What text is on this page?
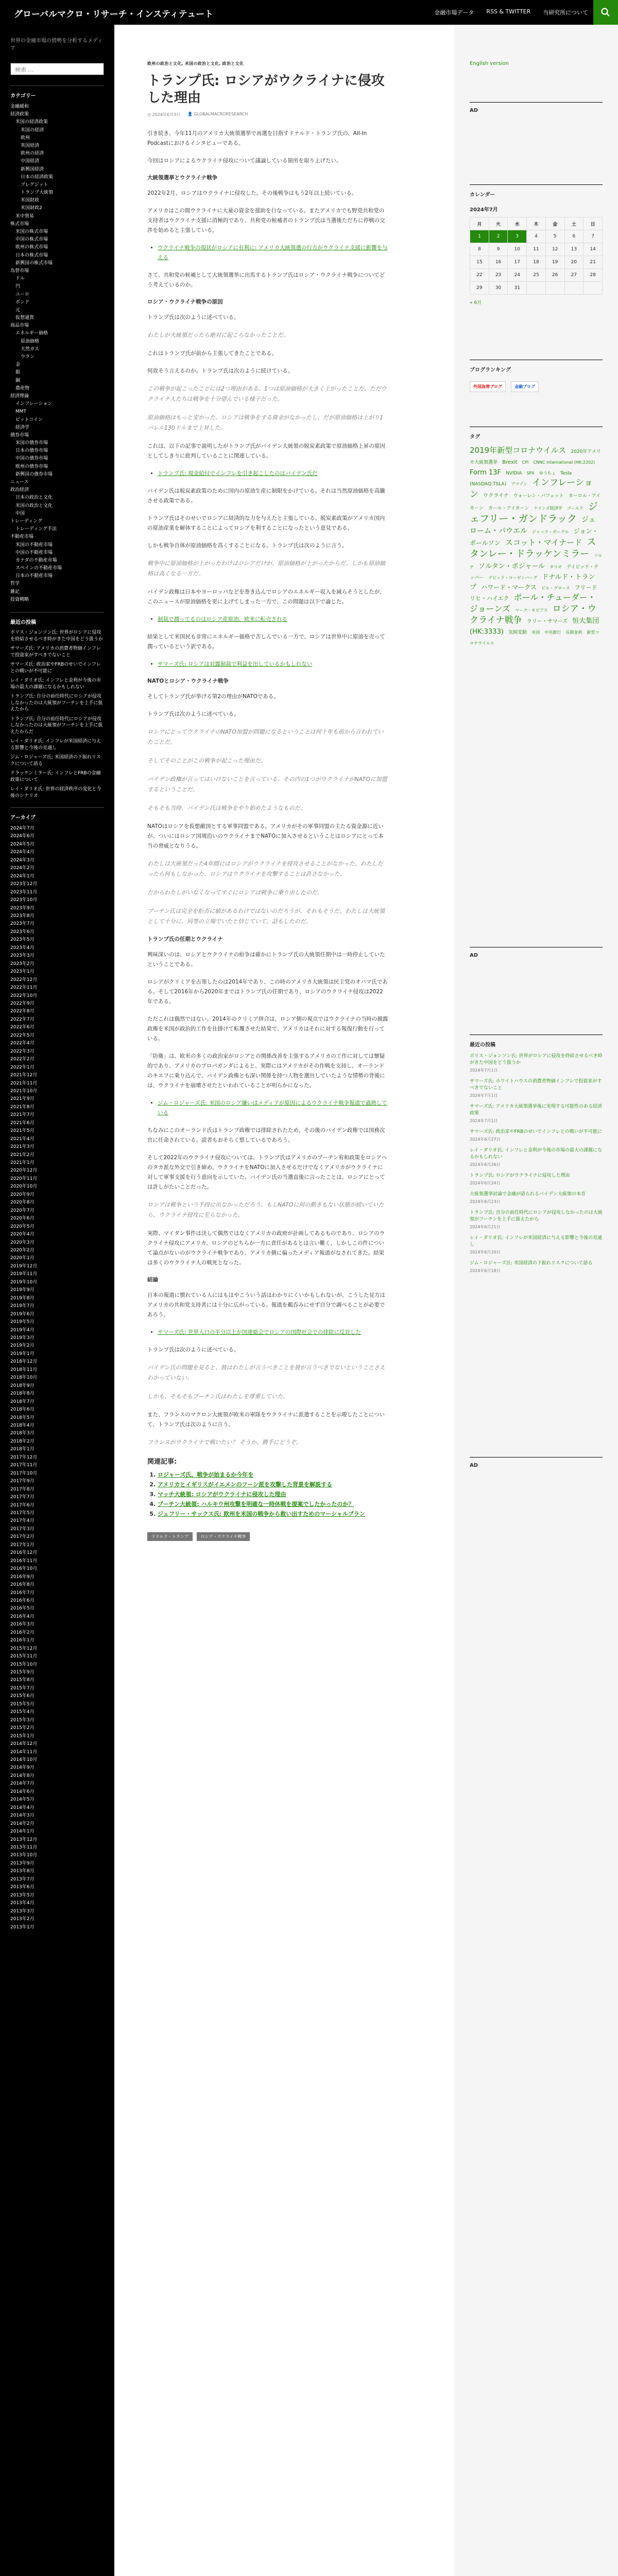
グローバルマクロ・リサーチ・インスティテュート	金融市場データ RSS & TWITTER 当研究所について
世界の金融市場の情勢を分析するメディア
検索 …
カテゴリー
金融緩和
経済政策
米国の経済政策
米国の経済
欧州
英国経済
欧州の経済
中国経済
新興国経済
日本の経済政策
ブレグジット
トランプ大統領
米国財政
米国財政2
米中貿易
株式市場
米国の株式市場
中国の株式市場
欧州の株式市場
日本の株式市場
新興国の株式市場
為替市場
ドル
円
ユーロ
ポンド
元
仮想通貨
商品市場
エネルギー価格
原油価格
天然ガス
ウラン
金
銀
銅
農産物
経済理論
インフレーション
MMT
ビットコイン
経済学
債券市場
米国の債券市場
日本の債券市場
中国の債券市場
欧州の債券市場
新興国の債券市場
ニュース
政治経済
日本の政治と文化
米国の政治と文化
中国
トレーディング
トレーディング手法
不動産市場
米国の不動産市場
中国の不動産市場
カナダの不動産市場
スペインの不動産市場
日本の不動産市場
哲学
雑記
投資戦略
最近の投稿
ボリス・ジョンソン氏: 世界がロシアに侵攻を終結させるべき時がきた中国をどう扱うか
サマーズ氏: アメリカの消費者物価インフレで投資家がすべきでないこと
サマーズ氏: 政治家やFRBのせいでインフレとの戦いが不可能に
レイ・ダリオ氏: インフレと金利が今後の市場の最大の課題になるかもしれない
トランプ氏: 自分の前任時代にロシアが侵攻しなかったのは大統領がフーチンを上手に扱えたから
トランプ氏: 自分の前任時代にロシアが侵攻しなかったのは大統領がフーチンを上手に扱えたからだ
レイ・ダリオ氏: インフレが米国経済に与える影響と今後の見通し
ジム・ロジャーズ氏: 米国経済の下振れリスクについて語る
ドラッケンミラー氏: インフレとFRBの金融政策について
レイ・ダリオ氏: 世界の経済秩序の変化と今後のシナリオ
アーカイブ
2024年7月
2024年6月
2024年5月
2024年4月
2024年3月
2024年2月
2024年1月
2023年12月
2023年11月
2023年10月
2023年9月
2023年8月
2023年7月
2023年6月
2023年5月
2023年4月
2023年3月
2023年2月
2023年1月
2022年12月
2022年11月
2022年10月
2022年9月
2022年8月
2022年7月
2022年6月
2022年5月
2022年4月
2022年3月
2022年2月
2022年1月
2021年12月
2021年11月
2021年10月
2021年9月
2021年8月
2021年7月
2021年6月
2021年5月
2021年4月
2021年3月
2021年2月
2021年1月
2020年12月
2020年11月
2020年10月
2020年9月
2020年8月
2020年7月
2020年6月
2020年5月
2020年4月
2020年3月
2020年2月
2020年1月
2019年12月
2019年11月
2019年10月
2019年9月
2019年8月
2019年7月
2019年6月
2019年5月
2019年4月
2019年3月
2019年2月
2019年1月
2018年12月
2018年11月
2018年10月
2018年9月
2018年8月
2018年7月
2018年6月
2018年5月
2018年4月
2018年3月
2018年2月
2018年1月
2017年12月
2017年11月
2017年10月
2017年9月
2017年8月
2017年7月
2017年6月
2017年5月
2017年4月
2017年3月
2017年2月
2017年1月
2016年12月
2016年11月
2016年10月
2016年9月
2016年8月
2016年7月
2016年6月
2016年5月
2016年4月
2016年3月
2016年2月
2016年1月
2015年12月
2015年11月
2015年10月
2015年9月
2015年8月
2015年7月
2015年6月
2015年5月
2015年4月
2015年3月
2015年2月
2015年1月
2014年12月
2014年11月
2014年10月
2014年9月
2014年8月
2014年7月
2014年6月
2014年5月
2014年4月
2014年3月
2014年2月
2014年1月
2013年12月
2013年11月
2013年10月
2013年9月
2013年8月
2013年7月
2013年6月
2013年5月
2013年4月
2013年3月
2013年2月
2013年1月
欧州の政治と文化, 米国の政治と文化, 政治と文化
トランプ氏: ロシアがウクライナに侵攻した理由
◷ 2024年6月3日 👤 GLOBALMACRORESEARCH

引き続き、今年11月のアメリカ大統領選挙で再選を目指すドナルド・トランプ氏の、All-In Podcastにおけるインタビューである。

今回はロシアによるウクライナ侵攻について議論している箇所を取り上げたい。

大統領選挙とウクライナ戦争

2022年2月、ロシアはウクライナに侵攻した。その後戦争はもう2年以上続いている。

アメリカはこの間ウクライナに大量の資金を援助を行なっている。またアメリカでも野党共和党の支持者はウクライナ支援に消極的であり、共和党の候補者のトランプ氏は当選後ただちに停戦の交渉を始めると主張している。

• ウクライナ戦争の現状がロシアに有利に: アメリカ大統領選の行方がウクライナ支援に影響を与える

さて、共和党の候補として大統領選挙に出馬するトランプ氏はロシア・ウクライナ戦争についてどう考えているのか。

ロシア・ウクライナ戦争の原因

トランプ氏は次のように述べている。

わたしが大統領だったら絶対に起こらなかったことだ。

これはトランプ氏が前から主張してきたことである。

何故そう言えるのか。トランプ氏は次のように続けている。

この戦争が起こったことには2つ理由がある。1つは原油価格が大きく上がったことだ。ただウクライナ人たちは戦争を十分望んでいる様子だった。
原油価格はもっと安かった。ロシアは戦争をする資金がなかったし、だが原油価格は上がり1バレル130ドルまで上昇した。

これは、以下の記事で説明したがトランプ氏がバイデン大統領の脱炭素政策で原油価格上昇の原因としてしきりに批判していることに関連している。

• トランプ氏: 現金給付でインフレを引き起こしたのはバイデン氏だ

バイデン氏は脱炭素政策のために国内の原油生産に制限をかけている。それは当然原油価格を高騰させる政策である。

トランプ氏はそのせいでロシアに経済的な力を与えたと主張している。脱炭素政策がアメリカ国内の原油産業を解体することによってロシアを利することになったという意見である。

しかも戦争自体が原油価格を高くすることになる。トランプ氏は次のように言う。

戦争中に原油価格が上がったわけはロシアだけが、原油価格が上がったからだ。しかも原油価格は高くなる一方だ。

バイデン政権は日本やヨーロッパなどを巻き込んでロシアのエネルギー収入を減らそうとしたが、このニュースが原油価格を更に上げてしまった一方で、この問題は以下で論じた。

• 制裁で潤ってるのはロシア産原油、欧米に転売される

結果として米国民も非常にエネルギー価格で苦しんでいる一方で、ロシアは世界中に原油を売って潤っているという訳である。

• サマーズ氏: ロシアは対露制裁で利益を出しているかもしれない
NATOとロシア・ウクライナ戦争

そしてトランプ氏が挙げる第2の理由がNATOである。

トランプ氏は次のように述べている。

ロシアにとってウクライナのNATO加盟が問題になるということは何十年も前から言われていたことだ。
そしてそのことがこの戦争が起こった理由だ。
バイデン政権が言ってはいけないことを言っている。その内の1つがウクライナがNATOに加盟するということだ。
そもそも当時、バイデン氏は戦争をやり始めたようなものだ。

NATOはロシアを仮想敵国とする軍事同盟である。アメリカがその軍事同盟の主たる資金源に近いが、ついにはロシア国境沿いのウクライナまでNATOに加入させるということはロシアにとって本当の脅威となりうる。

わたしは大統領だった4年間にはロシアがウクライナを侵攻させることがなかった。わたしだったら何もしなかった、ロシアはウクライナを攻撃することは許さなかった。
だからわたしがいなくなってすぐにロシアは戦争に乗り出したのだ。
プーチン氏は完全を拒否に値があるわけではないのだろうが、それもそうだ。わたしは大統領として十分に、同等の立場でいたと信じていて、話もしたのだ。
トランプ氏の任期とウクライナ

興味深いのは、ロシアとウクライナの紛争は確かにトランプ氏の大統領任期中は一時停止していたということである。

ロシアがクリミアを占領したのは2014年であり、この時のアメリカ大統領は民主党のオバマ氏である。そして2016年から2020年まではトランプ氏の任期であり、ロシアのウクライナ侵攻は2022年である。

ただこれは偶然ではない。2014年のクリミア併合は、ロシア側の視点ではウクライナの当時の親露政権を米国が政治的工作を仕掛けて転覆させた結果で、アメリカはそれに対する報復行動を行っている。

「防衛」は、欧米の多くの政治家がロシアとの関係改善を主張するアメリカの工作に対しては懐疑的であり、アメリカのプロパガンダによると、実際にはアメリカがその作戦を支持し、オーランドのキエフに乗り込んで、バイデン政権とも深い関係を持つ人物を選出していたような情勢の背後には、ウクライナを崩壊させたといわれていることが明らかになった。

• ジム・ロジャーズ氏: 米国のロシア嫌いはメディアが原因によるウクライナ戦争報道で過熱している

ちなみにこのオーランド氏はトランプ政権では排除されたため、その後のバイデン政権では国務次官に任命されている。読者もおそらく察しているであろう。

そして2022年のウクライナ侵攻については、トランプ氏はアメリカのプーチン宥和政策をロシアへのタカ派な外交で引き締め、ウクライナをNATOに加入させるだけでなくアメリカがウクライナに対して軍事支援を行う意向を示していた。バイデン氏の当選直後に言ったことは、ロシアにとっては許しがたいことだった。

ロシアは戦争という手段に出なかっただろう。もしNATOに何の動きもない状態が続いていたら、ウクライナ侵攻に至らなかった。

実際、マイダン事件は決して偶然ではなくアメリカの政府が計画してあるものであり、ロシアのウクライナ侵攻にアメリカ、ロシアのどちらか一方に責任があるとは言い難く、しかしこの件について論点がないのがウクライナ戦争であり、アメリカ側に偏ったメディア報道がなされてきた。結果は多くのウクライナ人の戦死となった。

結論

日本の報道に慣れている人にはもはやこういう話はわかりにくいかもしれないが、こうした見方はアメリカの共和党支持者には十分に広がっている。報道を鵜呑みにせず自分で調べることが必要であろう。

• サマーズ氏: 世界人口の半分以上が国連総会でロシアの国際社会での排除に反対した

トランプ氏は次のように述べている。

バイデン氏の問題を見ると、彼はわたしが言うべきことを彼が言うべきでないということさえわかっていない。
しかも、そもそもプーチン氏はわたしを尊重していた。

また、フランスのマクロン大統領が欧米の軍隊をウクライナに派遣することを示唆したことについて、トランプ氏は次のように言う。

フランスがウクライナで戦いたい？ そうか。勝手にどうぞ。
関連記事:
1. ロジャーズ氏、戦争が始まるか今年を
2. アメリカとイギリスがイエメンのフーシ派を攻撃した背景を解説する
3. マッチ大統領: ロシアがウクライナに侵攻した理由
4. プーチン大統領: ハルキウ州攻撃を明確な一時休戦を提案でしたかったのか？
5. ジェフリー・サックス氏: 欧州を米国の戦争から救い出すためのマーシャルプラン
ドナルド・トランプ	ロシア・ウクライナ戦争
English version
AD
カレンダー
2024年7月
月	火	水	木	金	土	日
1	2	3	4	5	6	7
8	9	10	11	12	13	14
15	16	17	18	19	20	21
22	23	24	25	26	27	28
29	30	31				
« 6月
ブログランキング
外国為替ブログ	金融ブログ
タグ
2019年新型コロナウイルス 2020年アメリカ大統領選挙 Brexit CPI CNNC International (HK:2202) Form 13F NVIDIA SPX ゆうちょ Tesla (NASDAQ:TSLA) アマゾン インフレーション ウクライナ ウォーレン・バフェット カーロル・アイカーン カール・アイカーン ケインズ経済学 ゴールド ジェフリー・ガンドラック ジェローム・パウエル ジャック・ボーグル ジョン・ポールソン スコット・マイナード スタンレー・ドラッケンミラー ソルナ ソルタン・ポジャール ダリオ デイビッド・テッパー デビッド・ローゼンバーグ ドナルド・トランプ ハワード・マークス ビル・グロース フリードリヒ・ハイエク ポール・チューダー・ジョーンズ マーク・モビアス ロシア・ウクライナ戦争 ラリー・サマーズ 恒大集団 (HK:3333) 気候変動 米国 中央銀行 長期金利 新型コロナウイルス
AD
最近の投稿
ボリス・ジョンソン氏: 世界がロシアに侵攻を終結させるべき時がきた中国をどう扱うか
2024年7月1日
サマーズ氏: ホワイトハウスの消費者物価インフレで投資家がすべきでないこと
2024年7月1日
サマーズ氏: アメリカ大統領選挙後に実現する可能性のある経済政策
2024年7月1日
サマーズ氏: 政治家やFRBのせいでインフレとの戦いが不可能に
2024年6月27日
レイ・ダリオ氏: インフレと金利が今後の市場の最大の課題になるかもしれない
2024年6月26日
トランプ氏: ロシアがウクライナに侵攻した理由
2024年6月24日
大統領選挙討論で金融が語られるバイデン大統領の本音
2024年6月23日
トランプ氏: 自分の前任時代にロシアが侵攻しなかったのは大統領がフーチンを上手に扱えたから
2024年6月21日
レイ・ダリオ氏: インフレが米国経済に与える影響と今後の見通し
2024年6月20日
ジム・ロジャーズ氏: 米国経済の下振れリスクについて語る
2024年6月18日
AD
